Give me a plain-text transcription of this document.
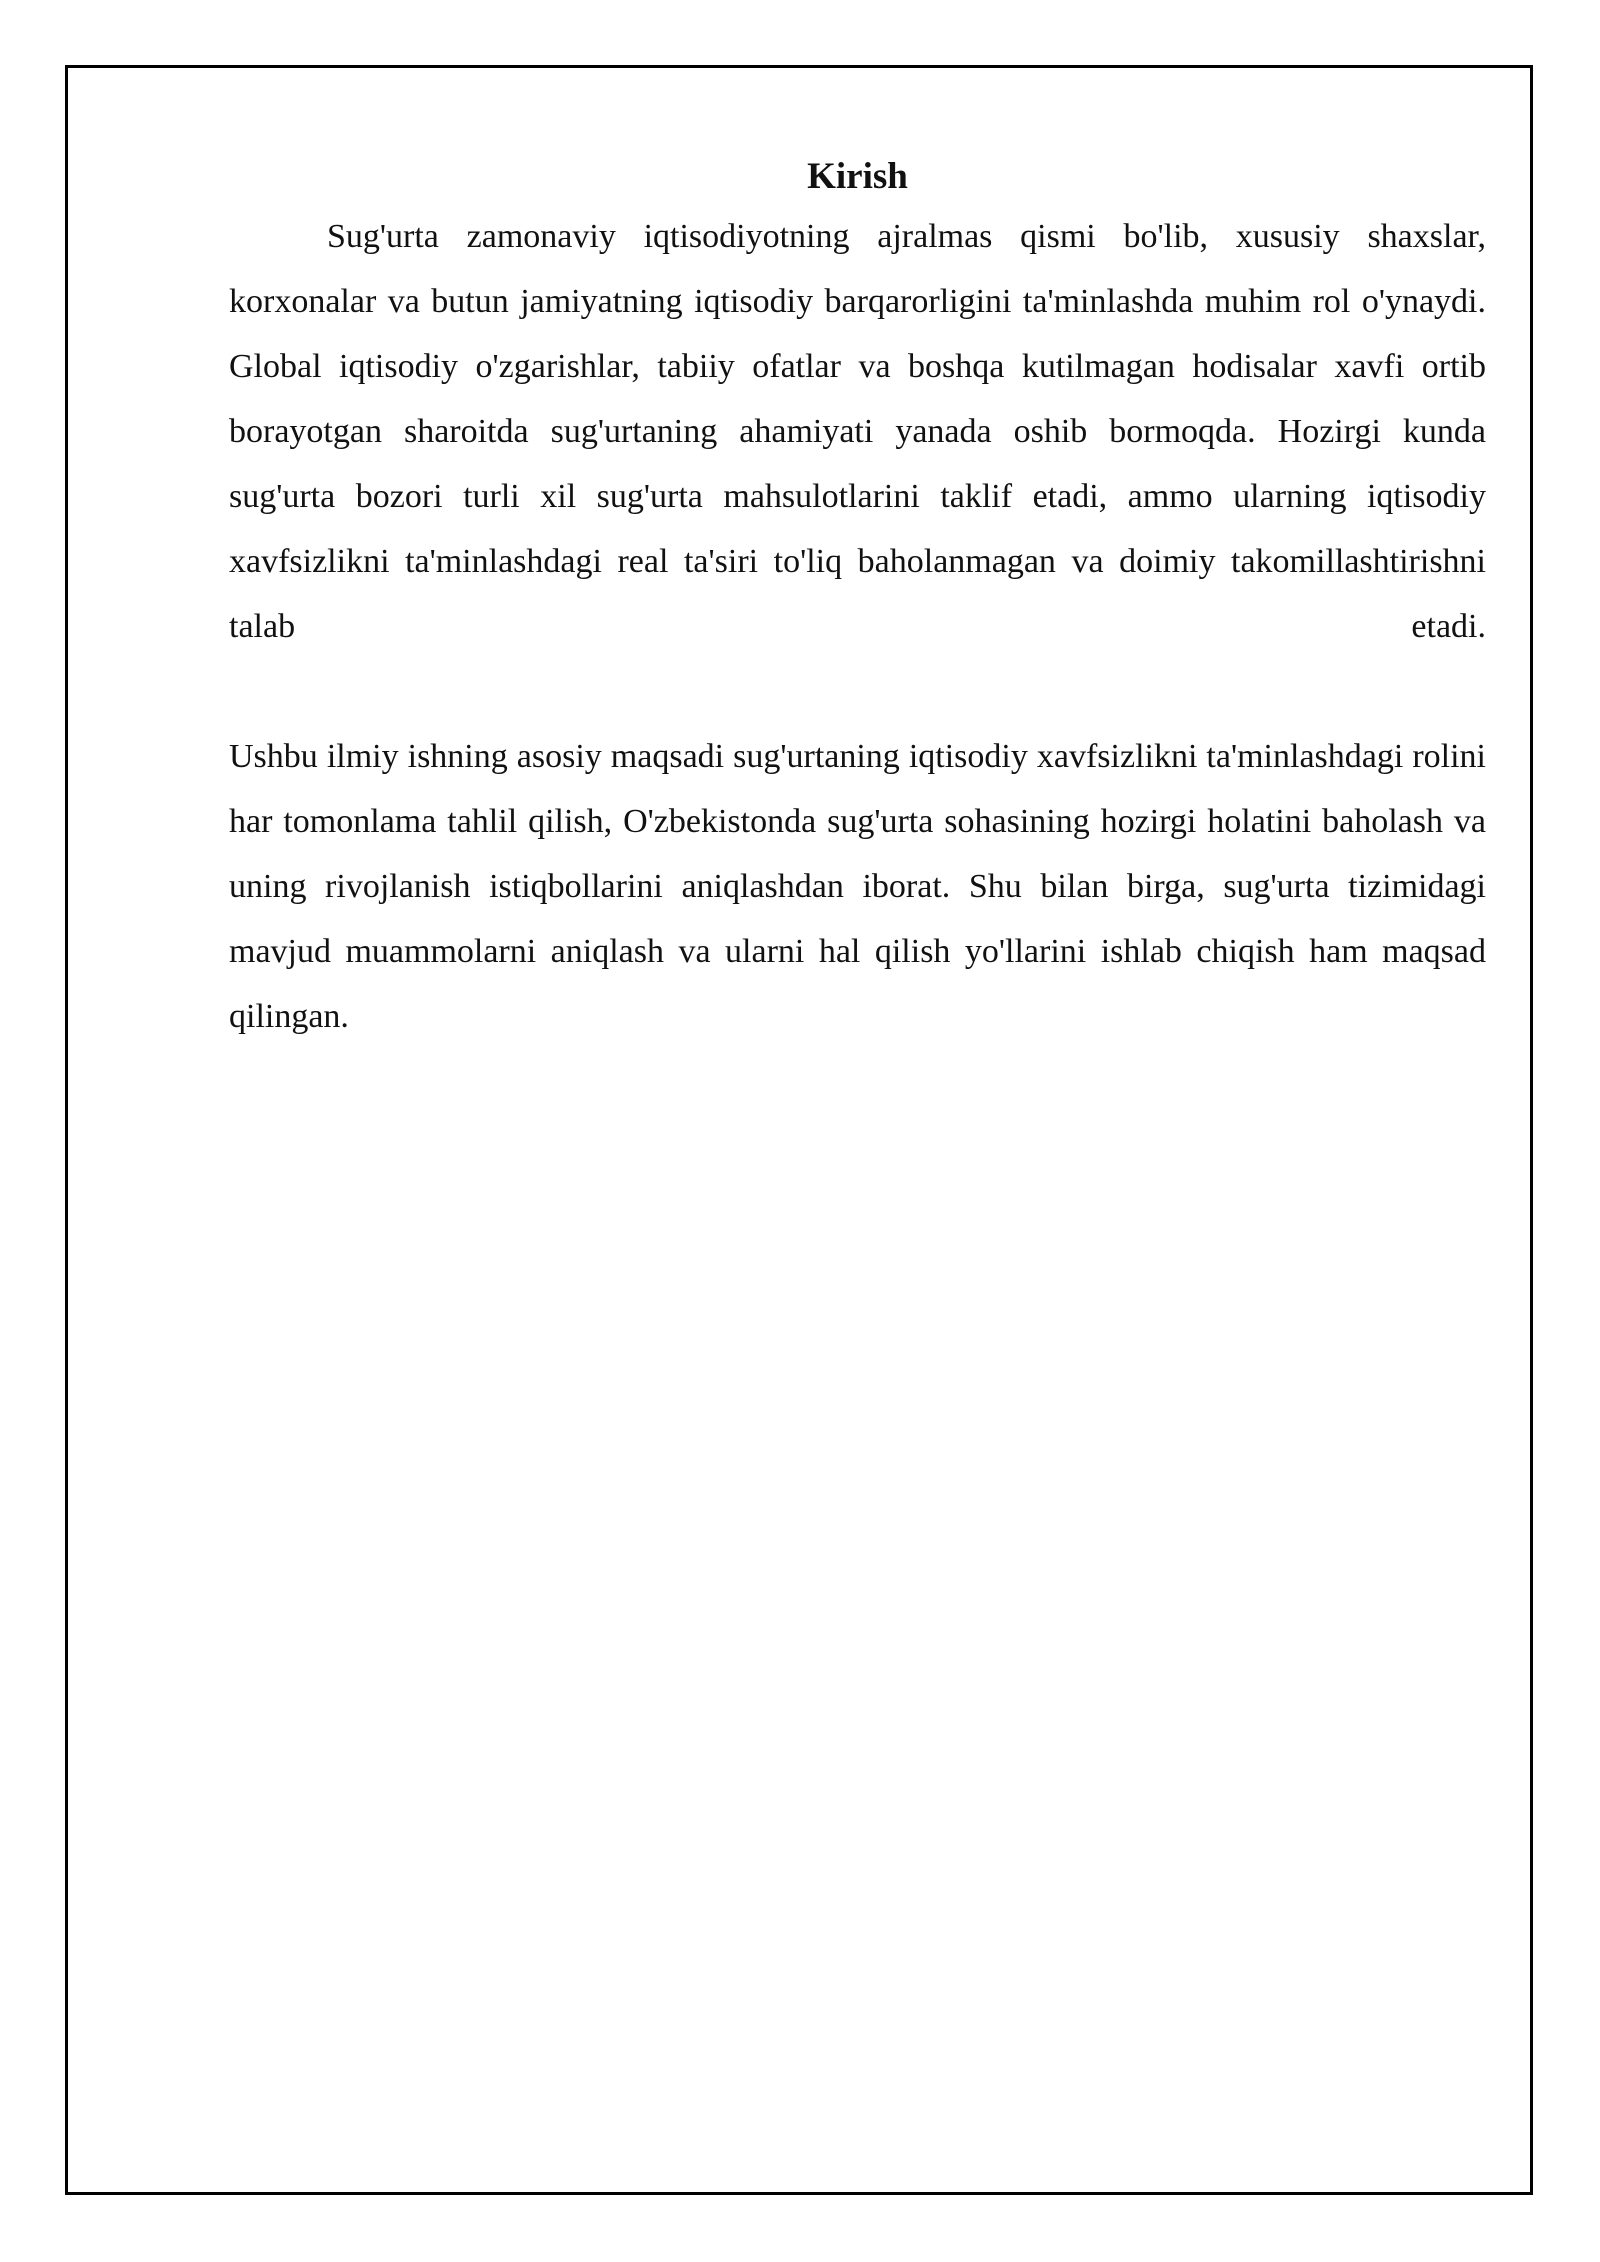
Kirish

Sug'urta zamonaviy iqtisodiyotning ajralmas qismi bo'lib, xususiy shaxslar, korxonalar va butun jamiyatning iqtisodiy barqarorligini ta'minlashda muhim rol o'ynaydi. Global iqtisodiy o'zgarishlar, tabiiy ofatlar va boshqa kutilmagan hodisalar xavfi ortib borayotgan sharoitda sug'urtaning ahamiyati yanada oshib bormoqda. Hozirgi kunda sug'urta bozori turli xil sug'urta mahsulotlarini taklif etadi, ammo ularning iqtisodiy xavfsizlikni ta'minlashdagi real ta'siri to'liq baholanmagan va doimiy takomillashtirishni talab etadi.

Ushbu ilmiy ishning asosiy maqsadi sug'urtaning iqtisodiy xavfsizlikni ta'minlashdagi rolini har tomonlama tahlil qilish, O'zbekistonda sug'urta sohasining hozirgi holatini baholash va uning rivojlanish istiqbollarini aniqlashdan iborat. Shu bilan birga, sug'urta tizimidagi mavjud muammolarni aniqlash va ularni hal qilish yo'llarini ishlab chiqish ham maqsad qilingan.
